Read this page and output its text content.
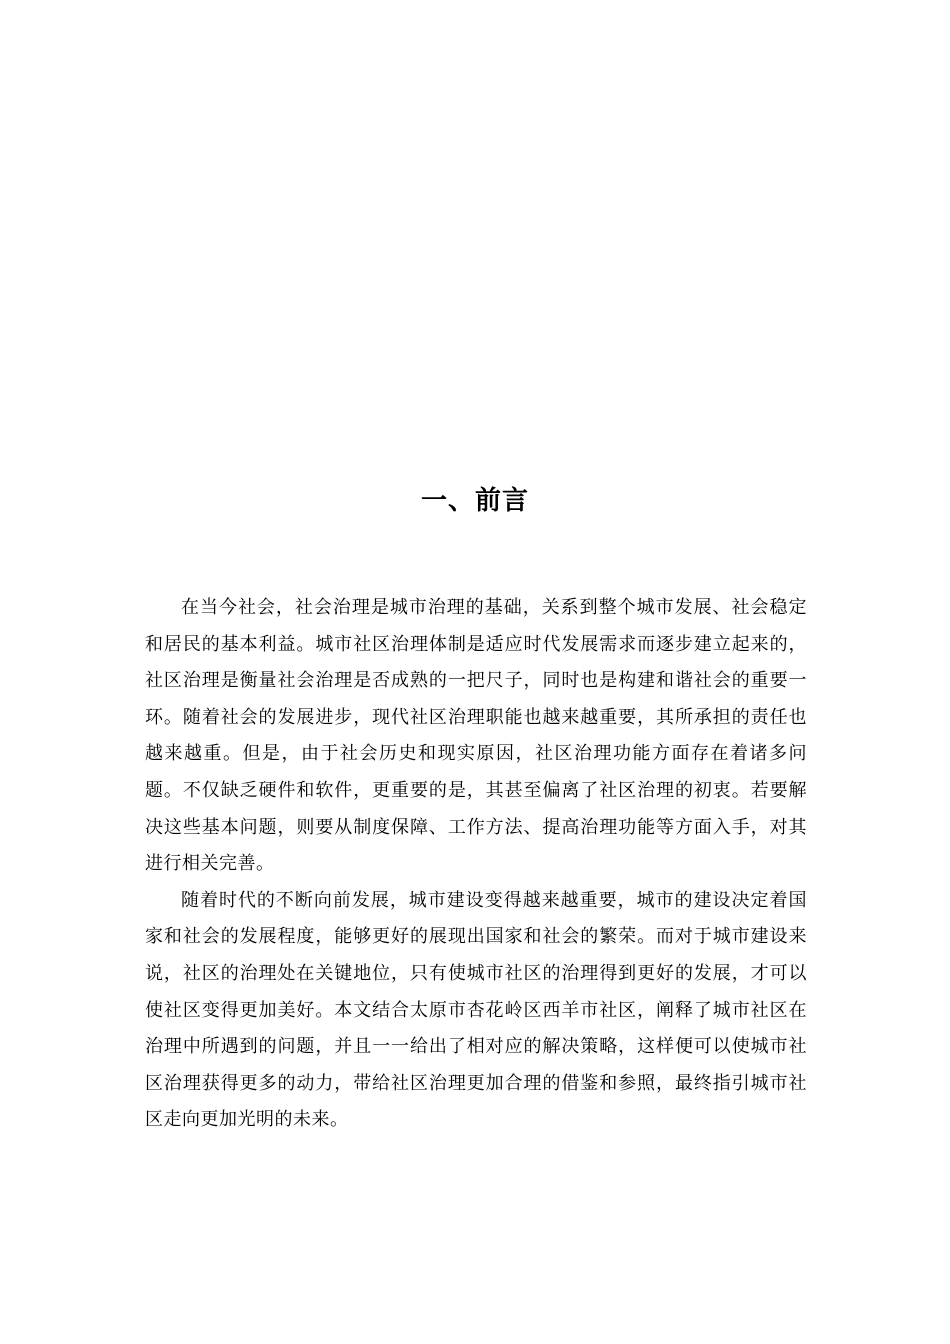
一、前言

在当今社会，社会治理是城市治理的基础，关系到整个城市发展、社会稳定和居民的基本利益。城市社区治理体制是适应时代发展需求而逐步建立起来的，社区治理是衡量社会治理是否成熟的一把尺子，同时也是构建和谐社会的重要一环。随着社会的发展进步，现代社区治理职能也越来越重要，其所承担的责任也越来越重。但是，由于社会历史和现实原因，社区治理功能方面存在着诸多问题。不仅缺乏硬件和软件，更重要的是，其甚至偏离了社区治理的初衷。若要解决这些基本问题，则要从制度保障、工作方法、提高治理功能等方面入手，对其进行相关完善。

随着时代的不断向前发展，城市建设变得越来越重要，城市的建设决定着国家和社会的发展程度，能够更好的展现出国家和社会的繁荣。而对于城市建设来说，社区的治理处在关键地位，只有使城市社区的治理得到更好的发展，才可以使社区变得更加美好。本文结合太原市杏花岭区西羊市社区，阐释了城市社区在治理中所遇到的问题，并且一一给出了相对应的解决策略，这样便可以使城市社区治理获得更多的动力，带给社区治理更加合理的借鉴和参照，最终指引城市社区走向更加光明的未来。
